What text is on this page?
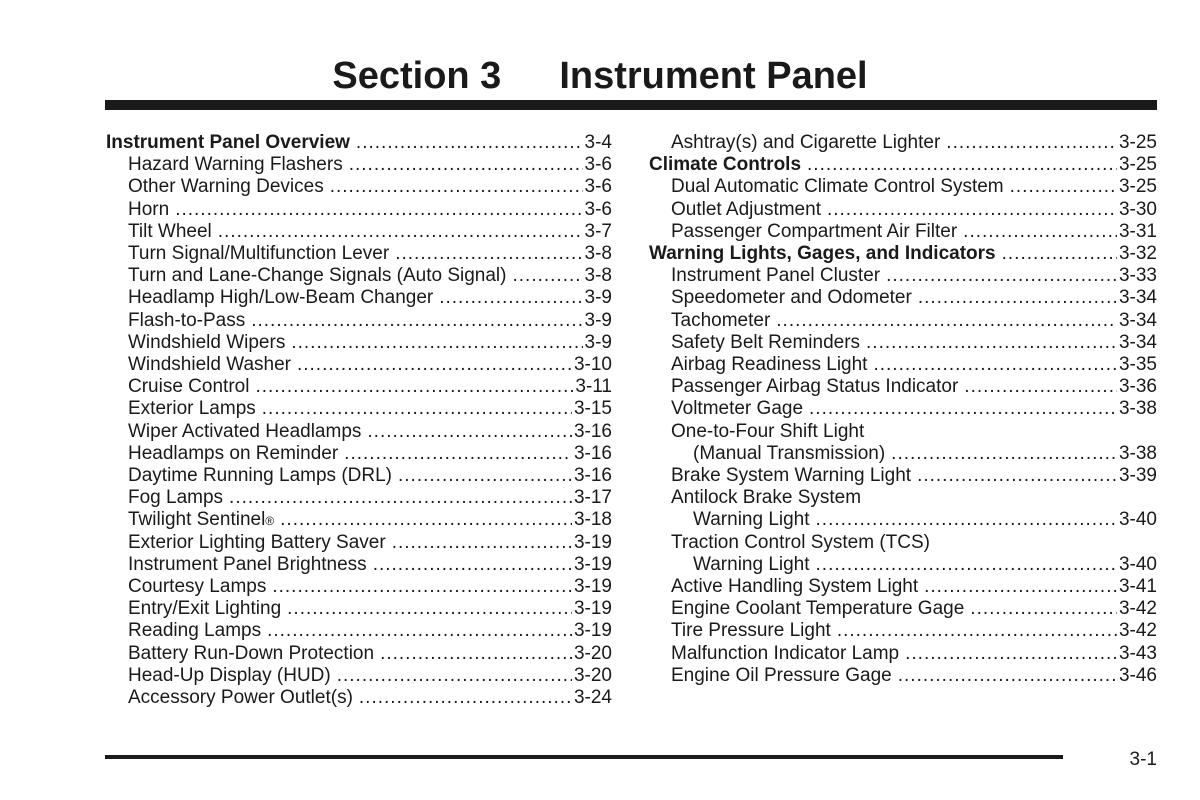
Section 3 Instrument Panel
Instrument Panel Overview .....	3-4
Hazard Warning Flashers .....	3-6
Other Warning Devices .....	3-6
Horn .....	3-6
Tilt Wheel .....	3-7
Turn Signal/Multifunction Lever .....	3-8
Turn and Lane-Change Signals (Auto Signal) .....	3-8
Headlamp High/Low-Beam Changer .....	3-9
Flash-to-Pass .....	3-9
Windshield Wipers .....	3-9
Windshield Washer .....	3-10
Cruise Control .....	3-11
Exterior Lamps .....	3-15
Wiper Activated Headlamps .....	3-16
Headlamps on Reminder .....	3-16
Daytime Running Lamps (DRL) .....	3-16
Fog Lamps .....	3-17
Twilight Sentinel ® .....	3-18
Exterior Lighting Battery Saver .....	3-19
Instrument Panel Brightness .....	3-19
Courtesy Lamps .....	3-19
Entry/Exit Lighting .....	3-19
Reading Lamps .....	3-19
Battery Run-Down Protection .....	3-20
Head-Up Display (HUD) .....	3-20
Accessory Power Outlet(s) .....	3-24
Ashtray(s) and Cigarette Lighter .....	3-25
Climate Controls .....	3-25
Dual Automatic Climate Control System .....	3-25
Outlet Adjustment .....	3-30
Passenger Compartment Air Filter .....	3-31
Warning Lights, Gages, and Indicators .....	3-32
Instrument Panel Cluster .....	3-33
Speedometer and Odometer .....	3-34
Tachometer .....	3-34
Safety Belt Reminders .....	3-34
Airbag Readiness Light .....	3-35
Passenger Airbag Status Indicator .....	3-36
Voltmeter Gage .....	3-38
One-to-Four Shift Light
(Manual Transmission) .....	3-38
Brake System Warning Light .....	3-39
Antilock Brake System
Warning Light .....	3-40
Traction Control System (TCS)
Warning Light .....	3-40
Active Handling System Light .....	3-41
Engine Coolant Temperature Gage .....	3-42
Tire Pressure Light .....	3-42
Malfunction Indicator Lamp .....	3-43
Engine Oil Pressure Gage .....	3-46
3-1
